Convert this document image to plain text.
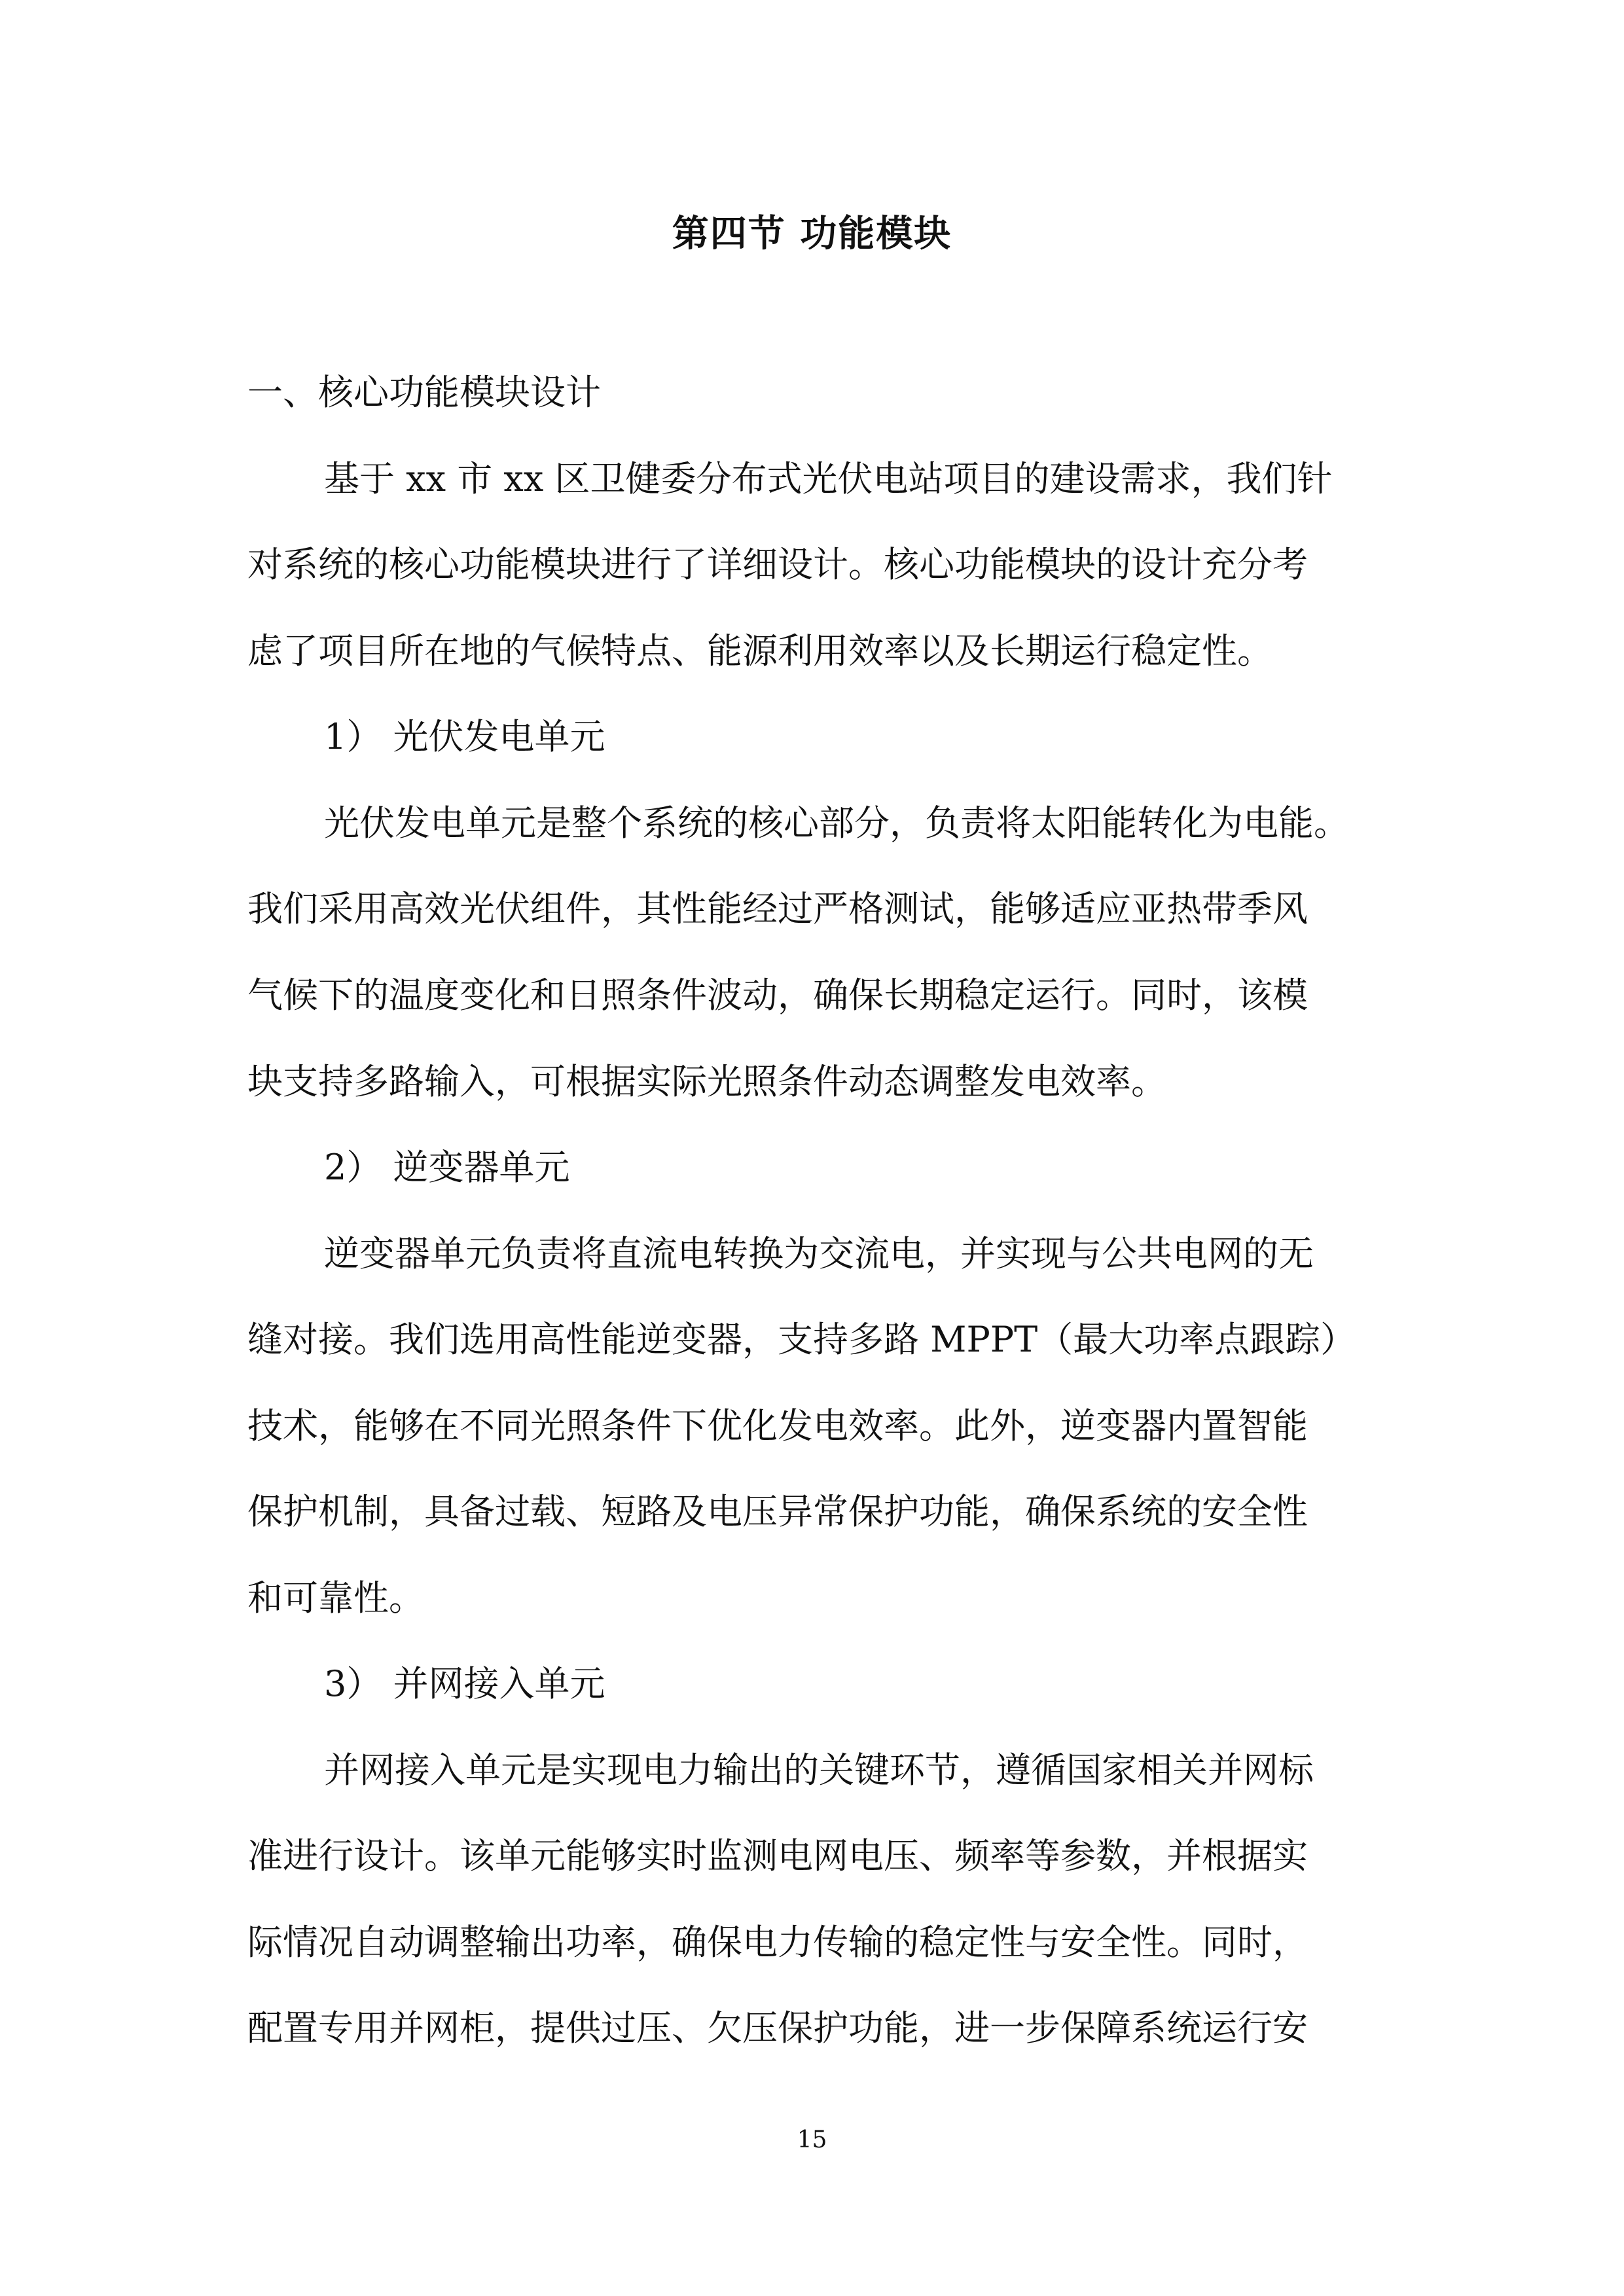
第四节 功能模块
一、核心功能模块设计
基于 xx 市 xx 区卫健委分布式光伏电站项目的建设需求，我们针
对系统的核心功能模块进行了详细设计。核心功能模块的设计充分考
虑了项目所在地的气候特点、能源利用效率以及长期运行稳定性。
1） 光伏发电单元
光伏发电单元是整个系统的核心部分，负责将太阳能转化为电能。
我们采用高效光伏组件，其性能经过严格测试，能够适应亚热带季风
气候下的温度变化和日照条件波动，确保长期稳定运行。同时，该模
块支持多路输入，可根据实际光照条件动态调整发电效率。
2） 逆变器单元
逆变器单元负责将直流电转换为交流电，并实现与公共电网的无
缝对接。我们选用高性能逆变器，支持多路 MPPT（最大功率点跟踪）
技术，能够在不同光照条件下优化发电效率。此外，逆变器内置智能
保护机制，具备过载、短路及电压异常保护功能，确保系统的安全性
和可靠性。
3） 并网接入单元
并网接入单元是实现电力输出的关键环节，遵循国家相关并网标
准进行设计。该单元能够实时监测电网电压、频率等参数，并根据实
际情况自动调整输出功率，确保电力传输的稳定性与安全性。同时，
配置专用并网柜，提供过压、欠压保护功能，进一步保障系统运行安
15
